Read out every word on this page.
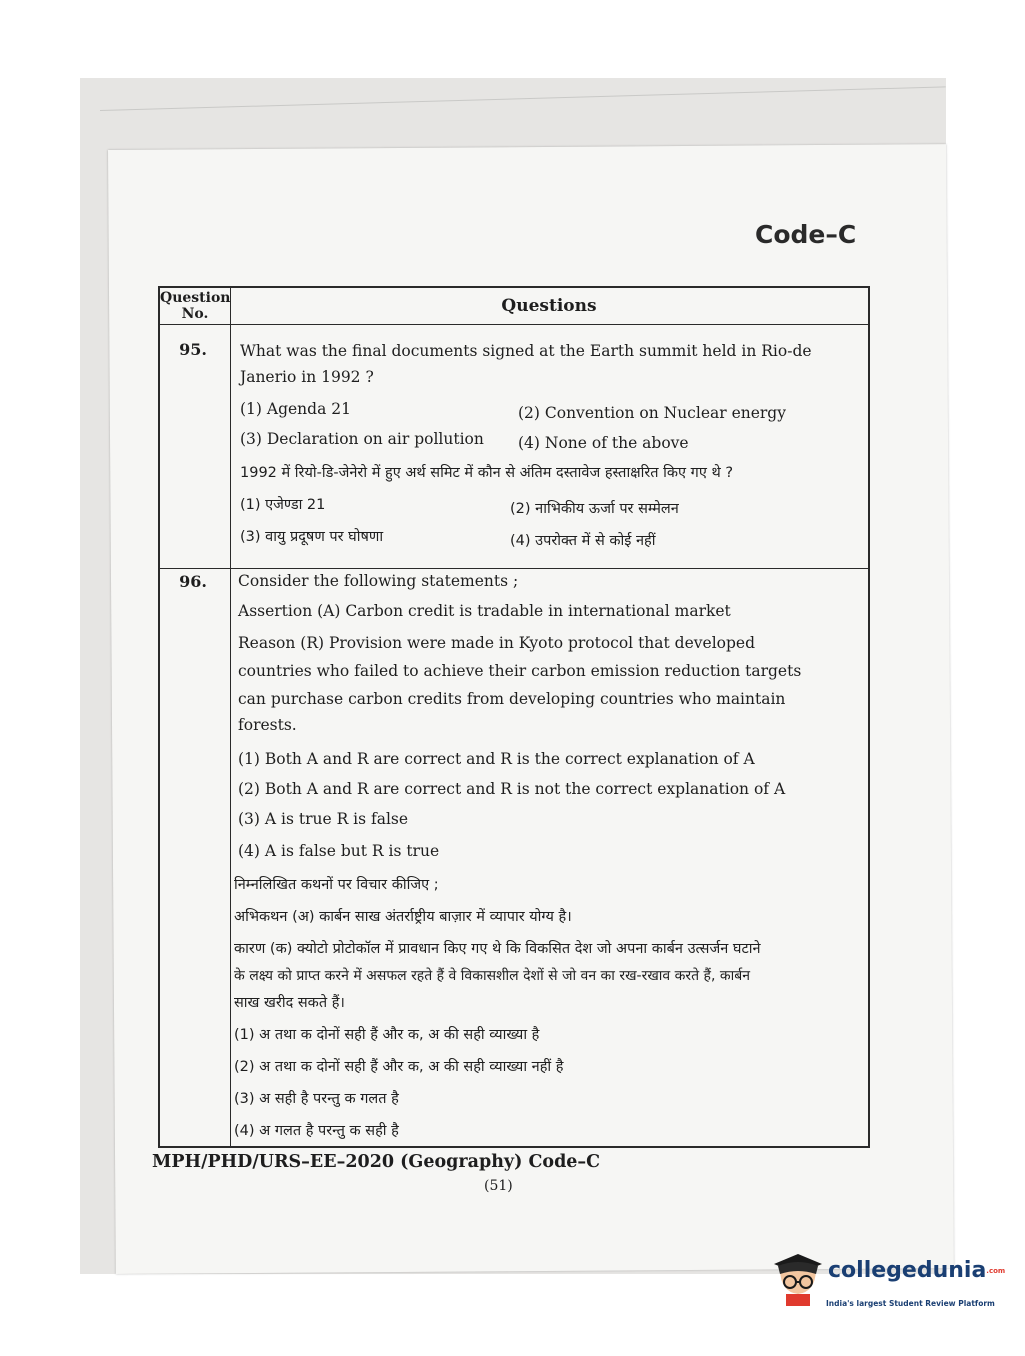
Code–C
Question
No.	Questions
95.	What was the final documents signed at the Earth summit held in Rio-de
Janerio in 1992 ?
(1) Agenda 21	(2) Convention on Nuclear energy
(3) Declaration on air pollution (4) None of the above
1992 में रियो-डि-जेनेरो में हुए अर्थ समिट में कौन से अंतिम दस्तावेज हस्ताक्षरित किए गए थे ?
(1) एजेण्डा 21	(2) नाभिकीय ऊर्जा पर सम्मेलन
(3) वायु प्रदूषण पर घोषणा	(4) उपरोक्त में से कोई नहीं
96.	Consider the following statements ;
Assertion (A) Carbon credit is tradable in international market
Reason (R) Provision were made in Kyoto protocol that developed
countries who failed to achieve their carbon emission reduction targets
can purchase carbon credits from developing countries who maintain
forests.
(1) Both A and R are correct and R is the correct explanation of A
(2) Both A and R are correct and R is not the correct explanation of A
(3) A is true R is false
(4) A is false but R is true
निम्नलिखित कथनों पर विचार कीजिए ;
अभिकथन (अ) कार्बन साख अंतर्राष्ट्रीय बाज़ार में व्यापार योग्य है।
कारण (क) क्योटो प्रोटोकॉल में प्रावधान किए गए थे कि विकसित देश जो अपना कार्बन उत्सर्जन घटाने
के लक्ष्य को प्राप्त करने में असफल रहते हैं वे विकासशील देशों से जो वन का रख-रखाव करते हैं, कार्बन
साख खरीद सकते हैं।
(1) अ तथा क दोनों सही हैं और क, अ की सही व्याख्या है
(2) अ तथा क दोनों सही हैं और क, अ की सही व्याख्या नहीं है
(3) अ सही है परन्तु क गलत है
(4) अ गलत है परन्तु क सही है
MPH/PHD/URS–EE–2020 (Geography) Code–C
(51)
collegedunia.com
India's largest Student Review Platform
